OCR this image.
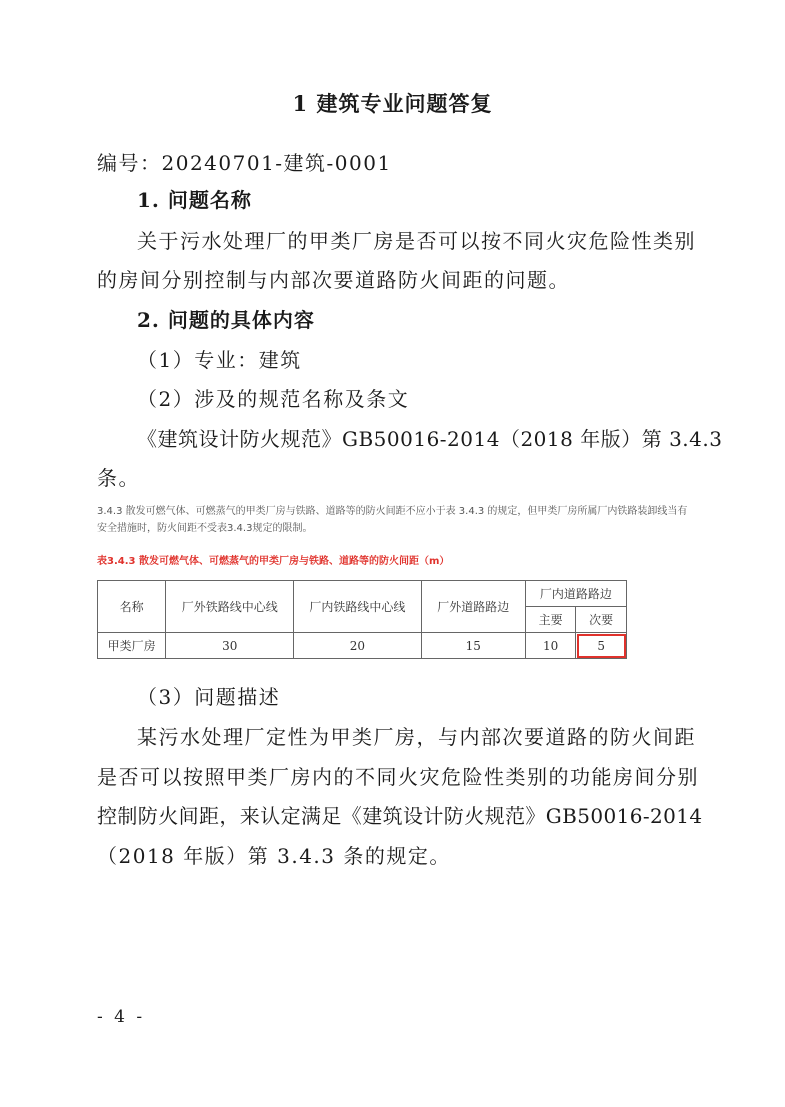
1 建筑专业问题答复
编号：20240701-建筑-0001
1. 问题名称
关于污水处理厂的甲类厂房是否可以按不同火灾危险性类别
的房间分别控制与内部次要道路防火间距的问题。
2. 问题的具体内容
（1）专业：建筑
（2）涉及的规范名称及条文
《建筑设计防火规范》GB50016-2014（2018 年版）第 3.4.3
条。
3.4.3 散发可燃气体、可燃蒸气的甲类厂房与铁路、道路等的防火间距不应小于表 3.4.3 的规定，但甲类厂房所属厂内铁路装卸线当有安全措施时，防火间距不受表3.4.3规定的限制。
表3.4.3 散发可燃气体、可燃蒸气的甲类厂房与铁路、道路等的防火间距（m）
名称	厂外铁路线中心线	厂内铁路线中心线	厂外道路路边	厂内道路路边	
				主要	次要
甲类厂房	30	20	15	10	5
（3）问题描述
某污水处理厂定性为甲类厂房，与内部次要道路的防火间距
是否可以按照甲类厂房内的不同火灾危险性类别的功能房间分别
控制防火间距，来认定满足《建筑设计防火规范》GB50016-2014
（2018 年版）第 3.4.3 条的规定。
- 4 -
